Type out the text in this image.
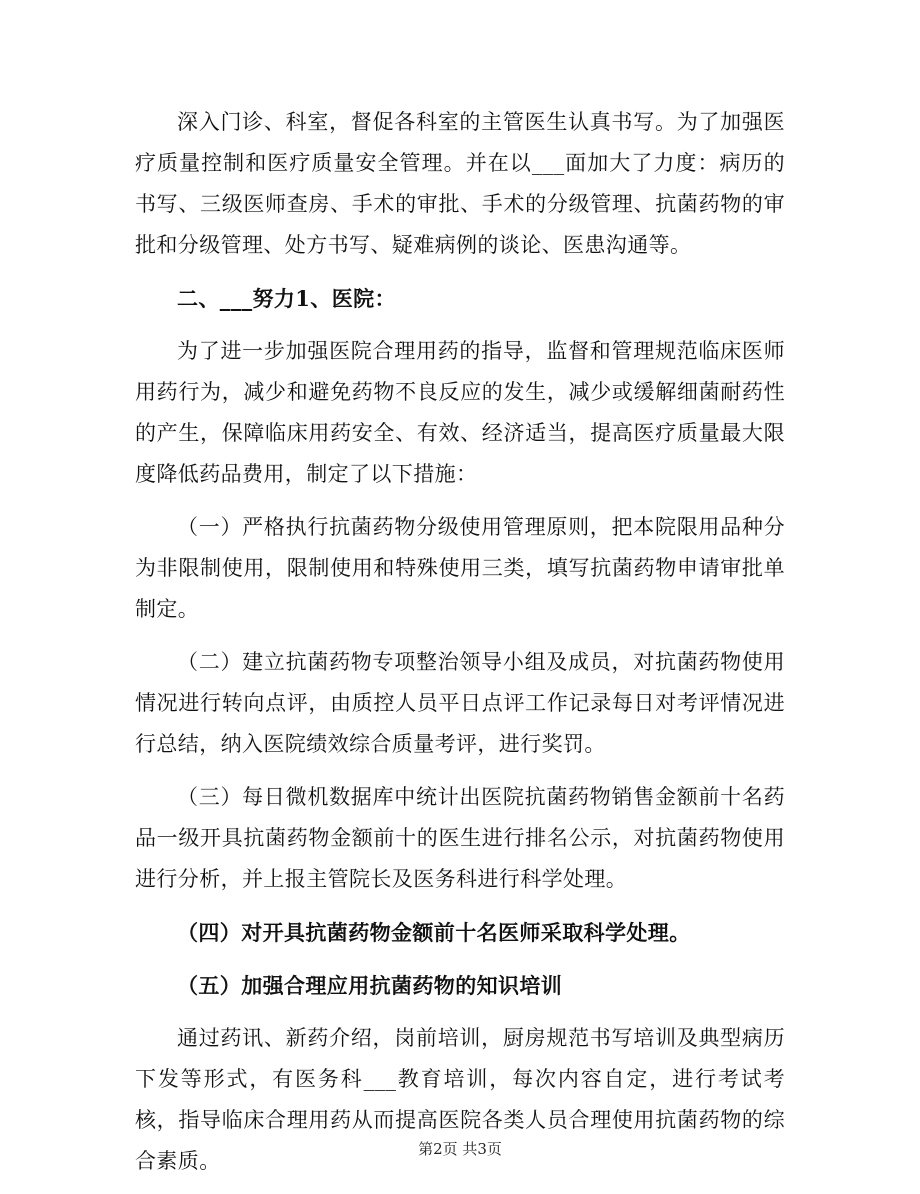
深入门诊、科室，督促各科室的主管医生认真书写。为了加强医疗质量控制和医疗质量安全管理。并在以___面加大了力度：病历的书写、三级医师查房、手术的审批、手术的分级管理、抗菌药物的审批和分级管理、处方书写、疑难病例的谈论、医患沟通等。

二、___努力1、医院：

为了进一步加强医院合理用药的指导，监督和管理规范临床医师用药行为，减少和避免药物不良反应的发生，减少或缓解细菌耐药性的产生，保障临床用药安全、有效、经济适当，提高医疗质量最大限度降低药品费用，制定了以下措施：

（一）严格执行抗菌药物分级使用管理原则，把本院限用品种分为非限制使用，限制使用和特殊使用三类，填写抗菌药物申请审批单制定。

（二）建立抗菌药物专项整治领导小组及成员，对抗菌药物使用情况进行转向点评，由质控人员平日点评工作记录每日对考评情况进行总结，纳入医院绩效综合质量考评，进行奖罚。

（三）每日微机数据库中统计出医院抗菌药物销售金额前十名药品一级开具抗菌药物金额前十的医生进行排名公示，对抗菌药物使用进行分析，并上报主管院长及医务科进行科学处理。

（四）对开具抗菌药物金额前十名医师采取科学处理。

（五）加强合理应用抗菌药物的知识培训

通过药讯、新药介绍，岗前培训，厨房规范书写培训及典型病历下发等形式，有医务科___教育培训，每次内容自定，进行考试考核，指导临床合理用药从而提高医院各类人员合理使用抗菌药物的综合素质。	第2页 共3页
